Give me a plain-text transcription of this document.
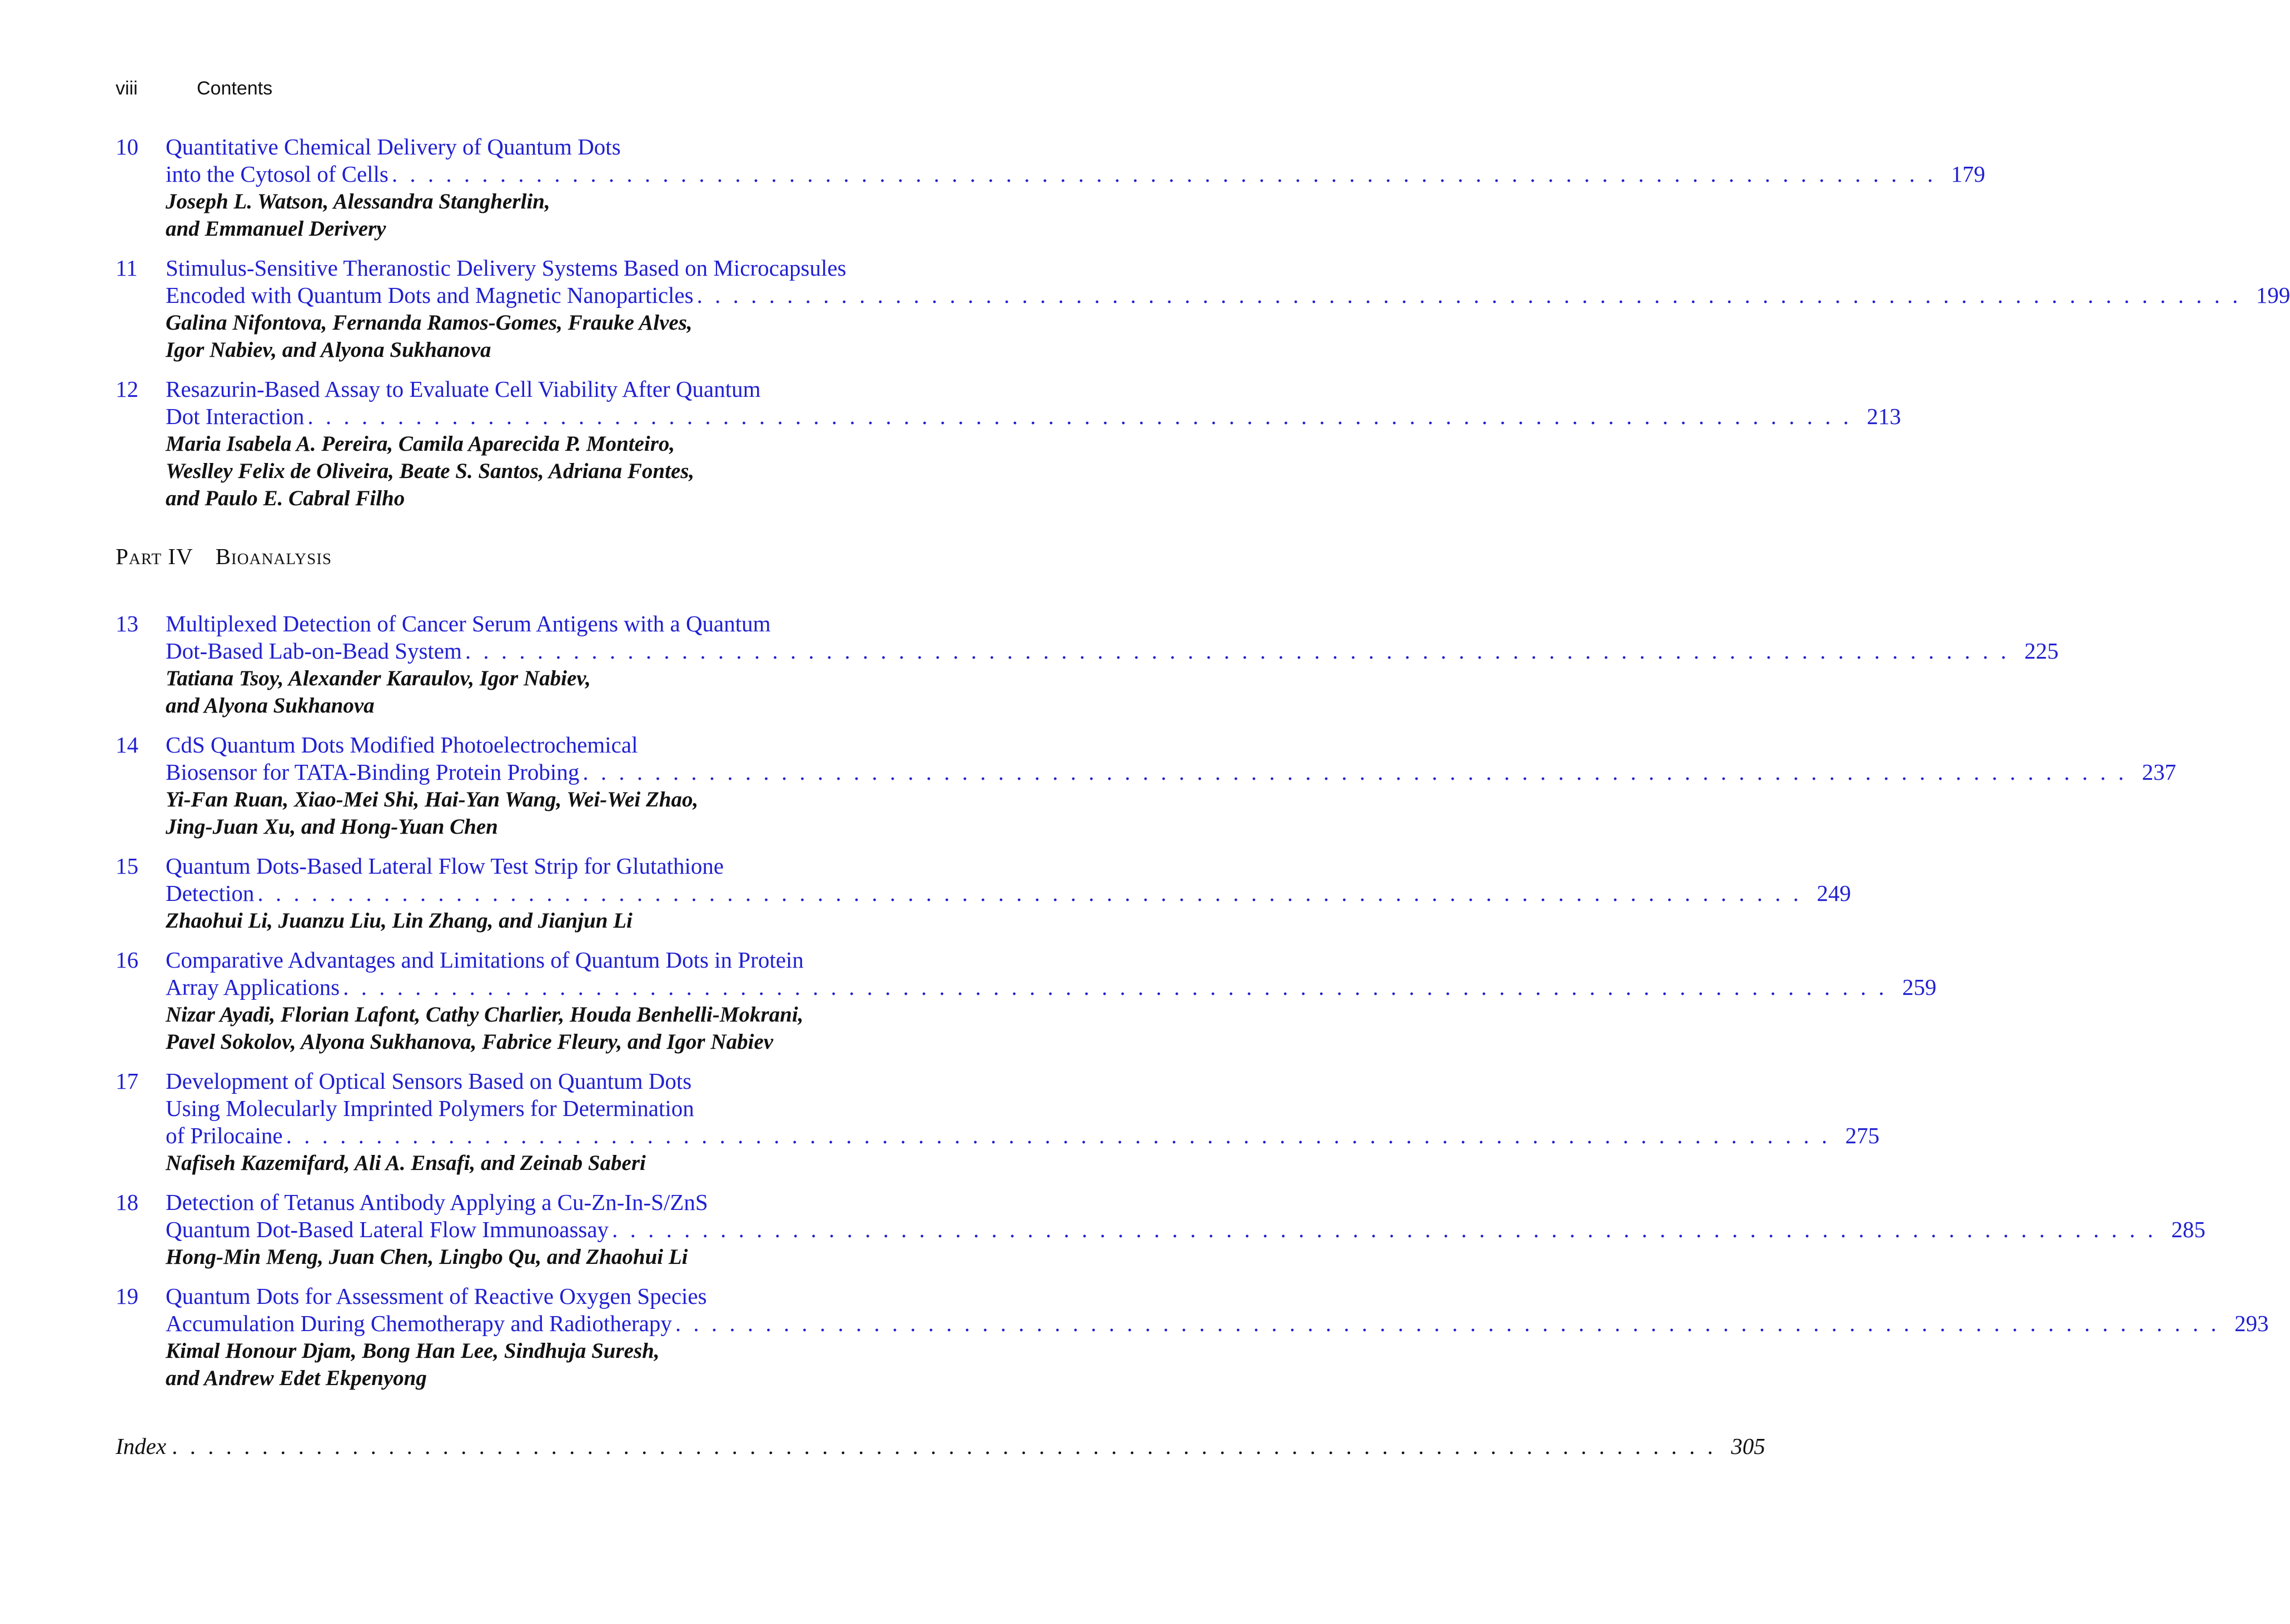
viii	Contents
10 Quantitative Chemical Delivery of Quantum Dots
into the Cytosol of Cells . . . . . . . . . . . . . . . . . . . . . . . . . . . . . . . . . . . . . . . . . . . . . . . . . . . . . . . . . . . . . . . . . . . . . . . . . . . . . . . . . . . . . . 179
Joseph L. Watson, Alessandra Stangherlin,
and Emmanuel Derivery
11 Stimulus-Sensitive Theranostic Delivery Systems Based on Microcapsules
Encoded with Quantum Dots and Magnetic Nanoparticles . . . . . . . . . . . . . . . . . . . . . . . . . . . . . . . . . . . . . . . . . . . . . . . . . . . . . . . . . . . . . . . . . . . . . . . . . . . . . . . . . . . . . . 199
Galina Nifontova, Fernanda Ramos-Gomes, Frauke Alves,
Igor Nabiev, and Alyona Sukhanova
12 Resazurin-Based Assay to Evaluate Cell Viability After Quantum
Dot Interaction . . . . . . . . . . . . . . . . . . . . . . . . . . . . . . . . . . . . . . . . . . . . . . . . . . . . . . . . . . . . . . . . . . . . . . . . . . . . . . . . . . . . . . 213
Maria Isabela A. Pereira, Camila Aparecida P. Monteiro,
Weslley Felix de Oliveira, Beate S. Santos, Adriana Fontes,
and Paulo E. Cabral Filho
Part IV Bioanalysis
13 Multiplexed Detection of Cancer Serum Antigens with a Quantum
Dot-Based Lab-on-Bead System . . . . . . . . . . . . . . . . . . . . . . . . . . . . . . . . . . . . . . . . . . . . . . . . . . . . . . . . . . . . . . . . . . . . . . . . . . . . . . . . . . . . . . 225
Tatiana Tsoy, Alexander Karaulov, Igor Nabiev,
and Alyona Sukhanova
14 CdS Quantum Dots Modified Photoelectrochemical
Biosensor for TATA-Binding Protein Probing . . . . . . . . . . . . . . . . . . . . . . . . . . . . . . . . . . . . . . . . . . . . . . . . . . . . . . . . . . . . . . . . . . . . . . . . . . . . . . . . . . . . . . 237
Yi-Fan Ruan, Xiao-Mei Shi, Hai-Yan Wang, Wei-Wei Zhao,
Jing-Juan Xu, and Hong-Yuan Chen
15 Quantum Dots-Based Lateral Flow Test Strip for Glutathione
Detection . . . . . . . . . . . . . . . . . . . . . . . . . . . . . . . . . . . . . . . . . . . . . . . . . . . . . . . . . . . . . . . . . . . . . . . . . . . . . . . . . . . . . . 249
Zhaohui Li, Juanzu Liu, Lin Zhang, and Jianjun Li
16 Comparative Advantages and Limitations of Quantum Dots in Protein
Array Applications . . . . . . . . . . . . . . . . . . . . . . . . . . . . . . . . . . . . . . . . . . . . . . . . . . . . . . . . . . . . . . . . . . . . . . . . . . . . . . . . . . . . . . 259
Nizar Ayadi, Florian Lafont, Cathy Charlier, Houda Benhelli-Mokrani,
Pavel Sokolov, Alyona Sukhanova, Fabrice Fleury, and Igor Nabiev
17 Development of Optical Sensors Based on Quantum Dots
Using Molecularly Imprinted Polymers for Determination
of Prilocaine . . . . . . . . . . . . . . . . . . . . . . . . . . . . . . . . . . . . . . . . . . . . . . . . . . . . . . . . . . . . . . . . . . . . . . . . . . . . . . . . . . . . . . 275
Nafiseh Kazemifard, Ali A. Ensafi, and Zeinab Saberi
18 Detection of Tetanus Antibody Applying a Cu-Zn-In-S/ZnS
Quantum Dot-Based Lateral Flow Immunoassay . . . . . . . . . . . . . . . . . . . . . . . . . . . . . . . . . . . . . . . . . . . . . . . . . . . . . . . . . . . . . . . . . . . . . . . . . . . . . . . . . . . . . . 285
Hong-Min Meng, Juan Chen, Lingbo Qu, and Zhaohui Li
19 Quantum Dots for Assessment of Reactive Oxygen Species
Accumulation During Chemotherapy and Radiotherapy . . . . . . . . . . . . . . . . . . . . . . . . . . . . . . . . . . . . . . . . . . . . . . . . . . . . . . . . . . . . . . . . . . . . . . . . . . . . . . . . . . . . . . 293
Kimal Honour Djam, Bong Han Lee, Sindhuja Suresh,
and Andrew Edet Ekpenyong
Index . . . . . . . . . . . . . . . . . . . . . . . . . . . . . . . . . . . . . . . . . . . . . . . . . . . . . . . . . . . . . . . . . . . . . . . . . . . . . . . . . . . . . . 305
